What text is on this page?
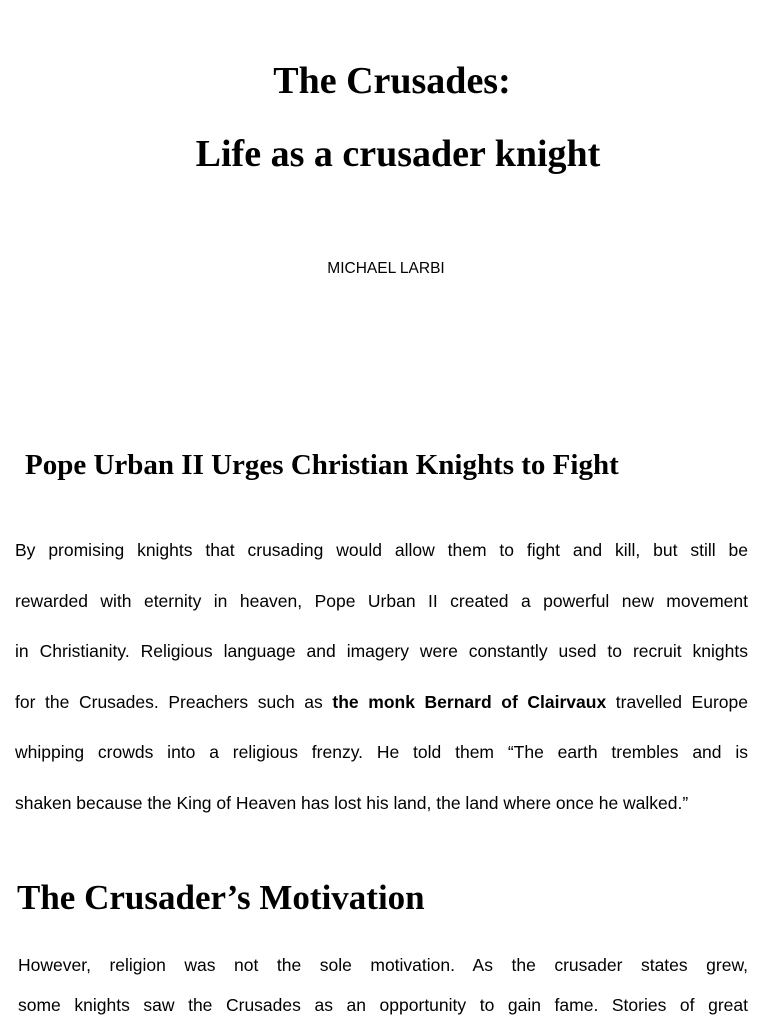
The Crusades:
Life as a crusader knight

MICHAEL LARBI

Pope Urban II Urges Christian Knights to Fight
By promising knights that crusading would allow them to fight and kill, but still be
rewarded with eternity in heaven, Pope Urban II created a powerful new movement
in Christianity. Religious language and imagery were constantly used to recruit knights
for the Crusades. Preachers such as the monk Bernard of Clairvaux travelled Europe
whipping crowds into a religious frenzy. He told them “The earth trembles and is
shaken because the King of Heaven has lost his land, the land where once he walked.”
The Crusader’s Motivation
However, religion was not the sole motivation. As the crusader states grew,
some knights saw the Crusades as an opportunity to gain fame. Stories of great
